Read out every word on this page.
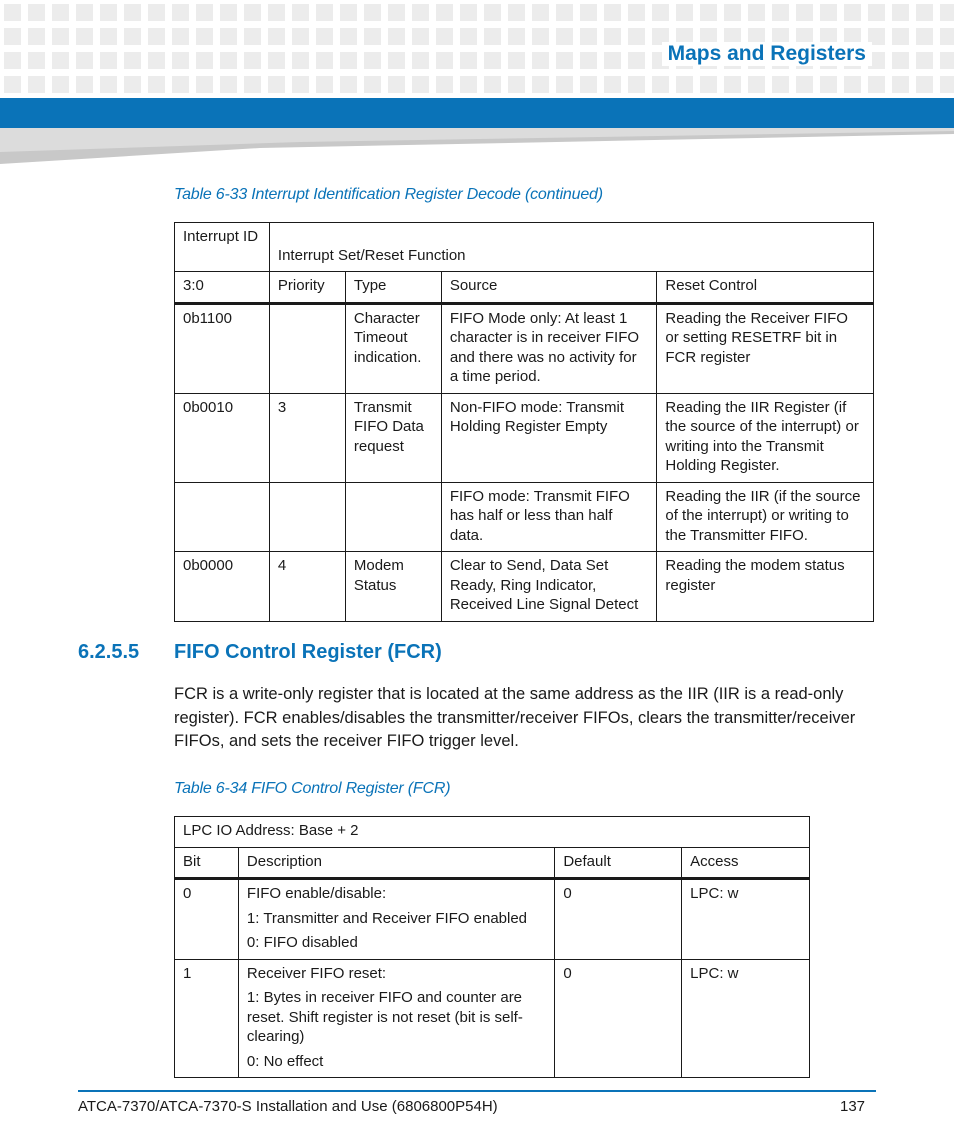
Maps and Registers
Table 6-33 Interrupt Identification Register Decode (continued)
Interrupt ID	Interrupt Set/Reset Function			
3:0	Priority	Type	Source	Reset Control
0b1100		Character Timeout indication.	FIFO Mode only: At least 1 character is in receiver FIFO and there was no activity for a time period.	Reading the Receiver FIFO or setting RESETRF bit in FCR register
0b0010	3	Transmit FIFO Data request	Non-FIFO mode: Transmit Holding Register Empty	Reading the IIR Register (if the source of the interrupt) or writing into the Transmit Holding Register.
			FIFO mode: Transmit FIFO has half or less than half data.	Reading the IIR (if the source of the interrupt) or writing to the Transmitter FIFO.
0b0000	4	Modem Status	Clear to Send, Data Set Ready, Ring Indicator, Received Line Signal Detect	Reading the modem status register
6.2.5.5 FIFO Control Register (FCR)
FCR is a write-only register that is located at the same address as the IIR (IIR is a read-only register). FCR enables/disables the transmitter/receiver FIFOs, clears the transmitter/receiver FIFOs, and sets the receiver FIFO trigger level.
Table 6-34 FIFO Control Register (FCR)
LPC IO Address: Base + 2			
Bit	Description	Default	Access
0	FIFO enable/disable:
1: Transmitter and Receiver FIFO enabled
0: FIFO disabled	0	LPC: w
1	Receiver FIFO reset:
1: Bytes in receiver FIFO and counter are reset. Shift register is not reset (bit is self-clearing)
0: No effect	0	LPC: w
ATCA-7370/ATCA-7370-S Installation and Use (6806800P54H)	137
